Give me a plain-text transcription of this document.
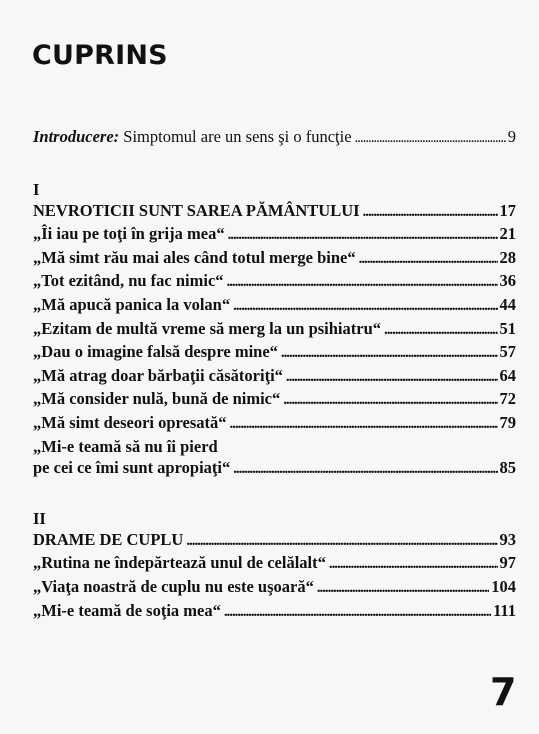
CUPRINS
Introducere: Simptomul are un sens şi o funcţie . . .	9
I
NEVROTICII SUNT SAREA PĂMÂNTULUI . . .	17
„Îi iau pe toţi în grija mea“ . . .	21
„Mă simt rău mai ales când totul merge bine“ . . .	28
„Tot ezitând, nu fac nimic“ . . .	36
„Mă apucă panica la volan“ . . .	44
„Ezitam de multă vreme să merg la un psihiatru“ . . .	51
„Dau o imagine falsă despre mine“ . . .	57
„Mă atrag doar bărbaţii căsătoriţi“ . . .	64
„Mă consider nulă, bună de nimic“ . . .	72
„Mă simt deseori opresată“ . . .	79
„Mi-e teamă să nu îi pierd
pe cei ce îmi sunt apropiaţi“ . . .	85
II
DRAME DE CUPLU . . .	93
„Rutina ne îndepărtează unul de celălalt“ . . .	97
„Viaţa noastră de cuplu nu este uşoară“ . . .	104
„Mi-e teamă de soţia mea“ . . .	111
7
